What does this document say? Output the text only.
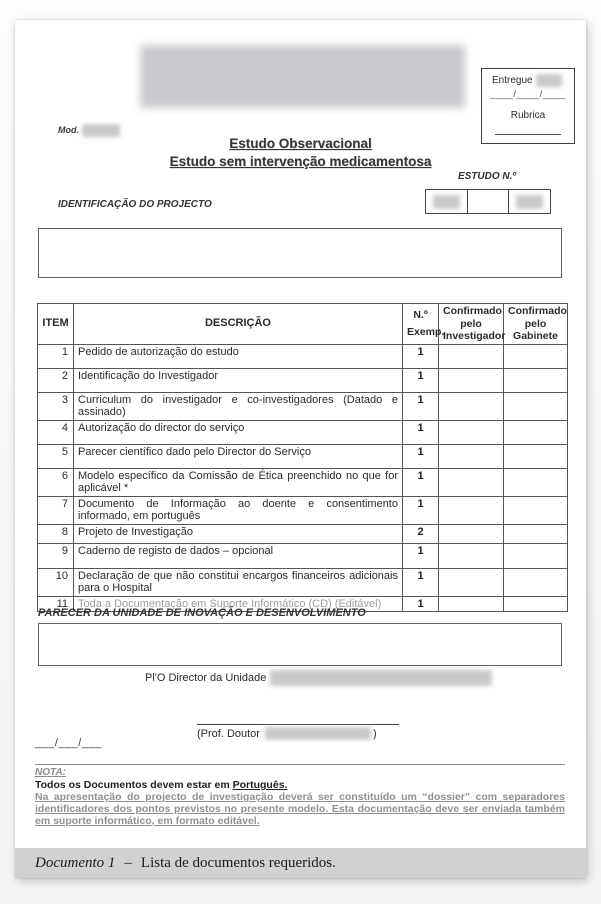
Entregue
____/____/____
Rubrica
Mod.
Estudo Observacional
Estudo sem intervenção medicamentosa
ESTUDO N.º
IDENTIFICAÇÃO DO PROJECTO
ITEM	DESCRIÇÃO	N.º Exemp.	Confirmado pelo Investigador	Confirmado pelo Gabinete
1	Pedido de autorização do estudo	1		
2	Identificação do Investigador	1		
3	Curriculum do investigador e co-investigadores (Datado e assinado)	1		
4	Autorização do director do serviço	1		
5	Parecer científico dado pelo Director do Serviço	1		
6	Modelo específico da Comissão de Ética preenchido no que for aplicável *	1		
7	Documento de Informação ao doente e consentimento informado, em português	1		
8	Projeto de Investigação	2		
9	Caderno de registo de dados – opcional	1		
10	Declaração de que não constitui encargos financeiros adicionais para o Hospital	1		
11	Toda a Documentação em Suporte Informático (CD) (Editável)	1		
PARECER DA UNIDADE DE INOVAÇÃO E DESENVOLVIMENTO
Pl'O Director da Unidade
(Prof. Doutor	)
___/___/___
NOTA:
Todos os Documentos devem estar em Português.
Na apresentação do projecto de investigação deverá ser constituído um “dossier” com separadores identificadores dos pontos previstos no presente modelo. Esta documentação deve ser enviada também em suporte informático, em formato editável.
Documento 1 – Lista de documentos requeridos.
